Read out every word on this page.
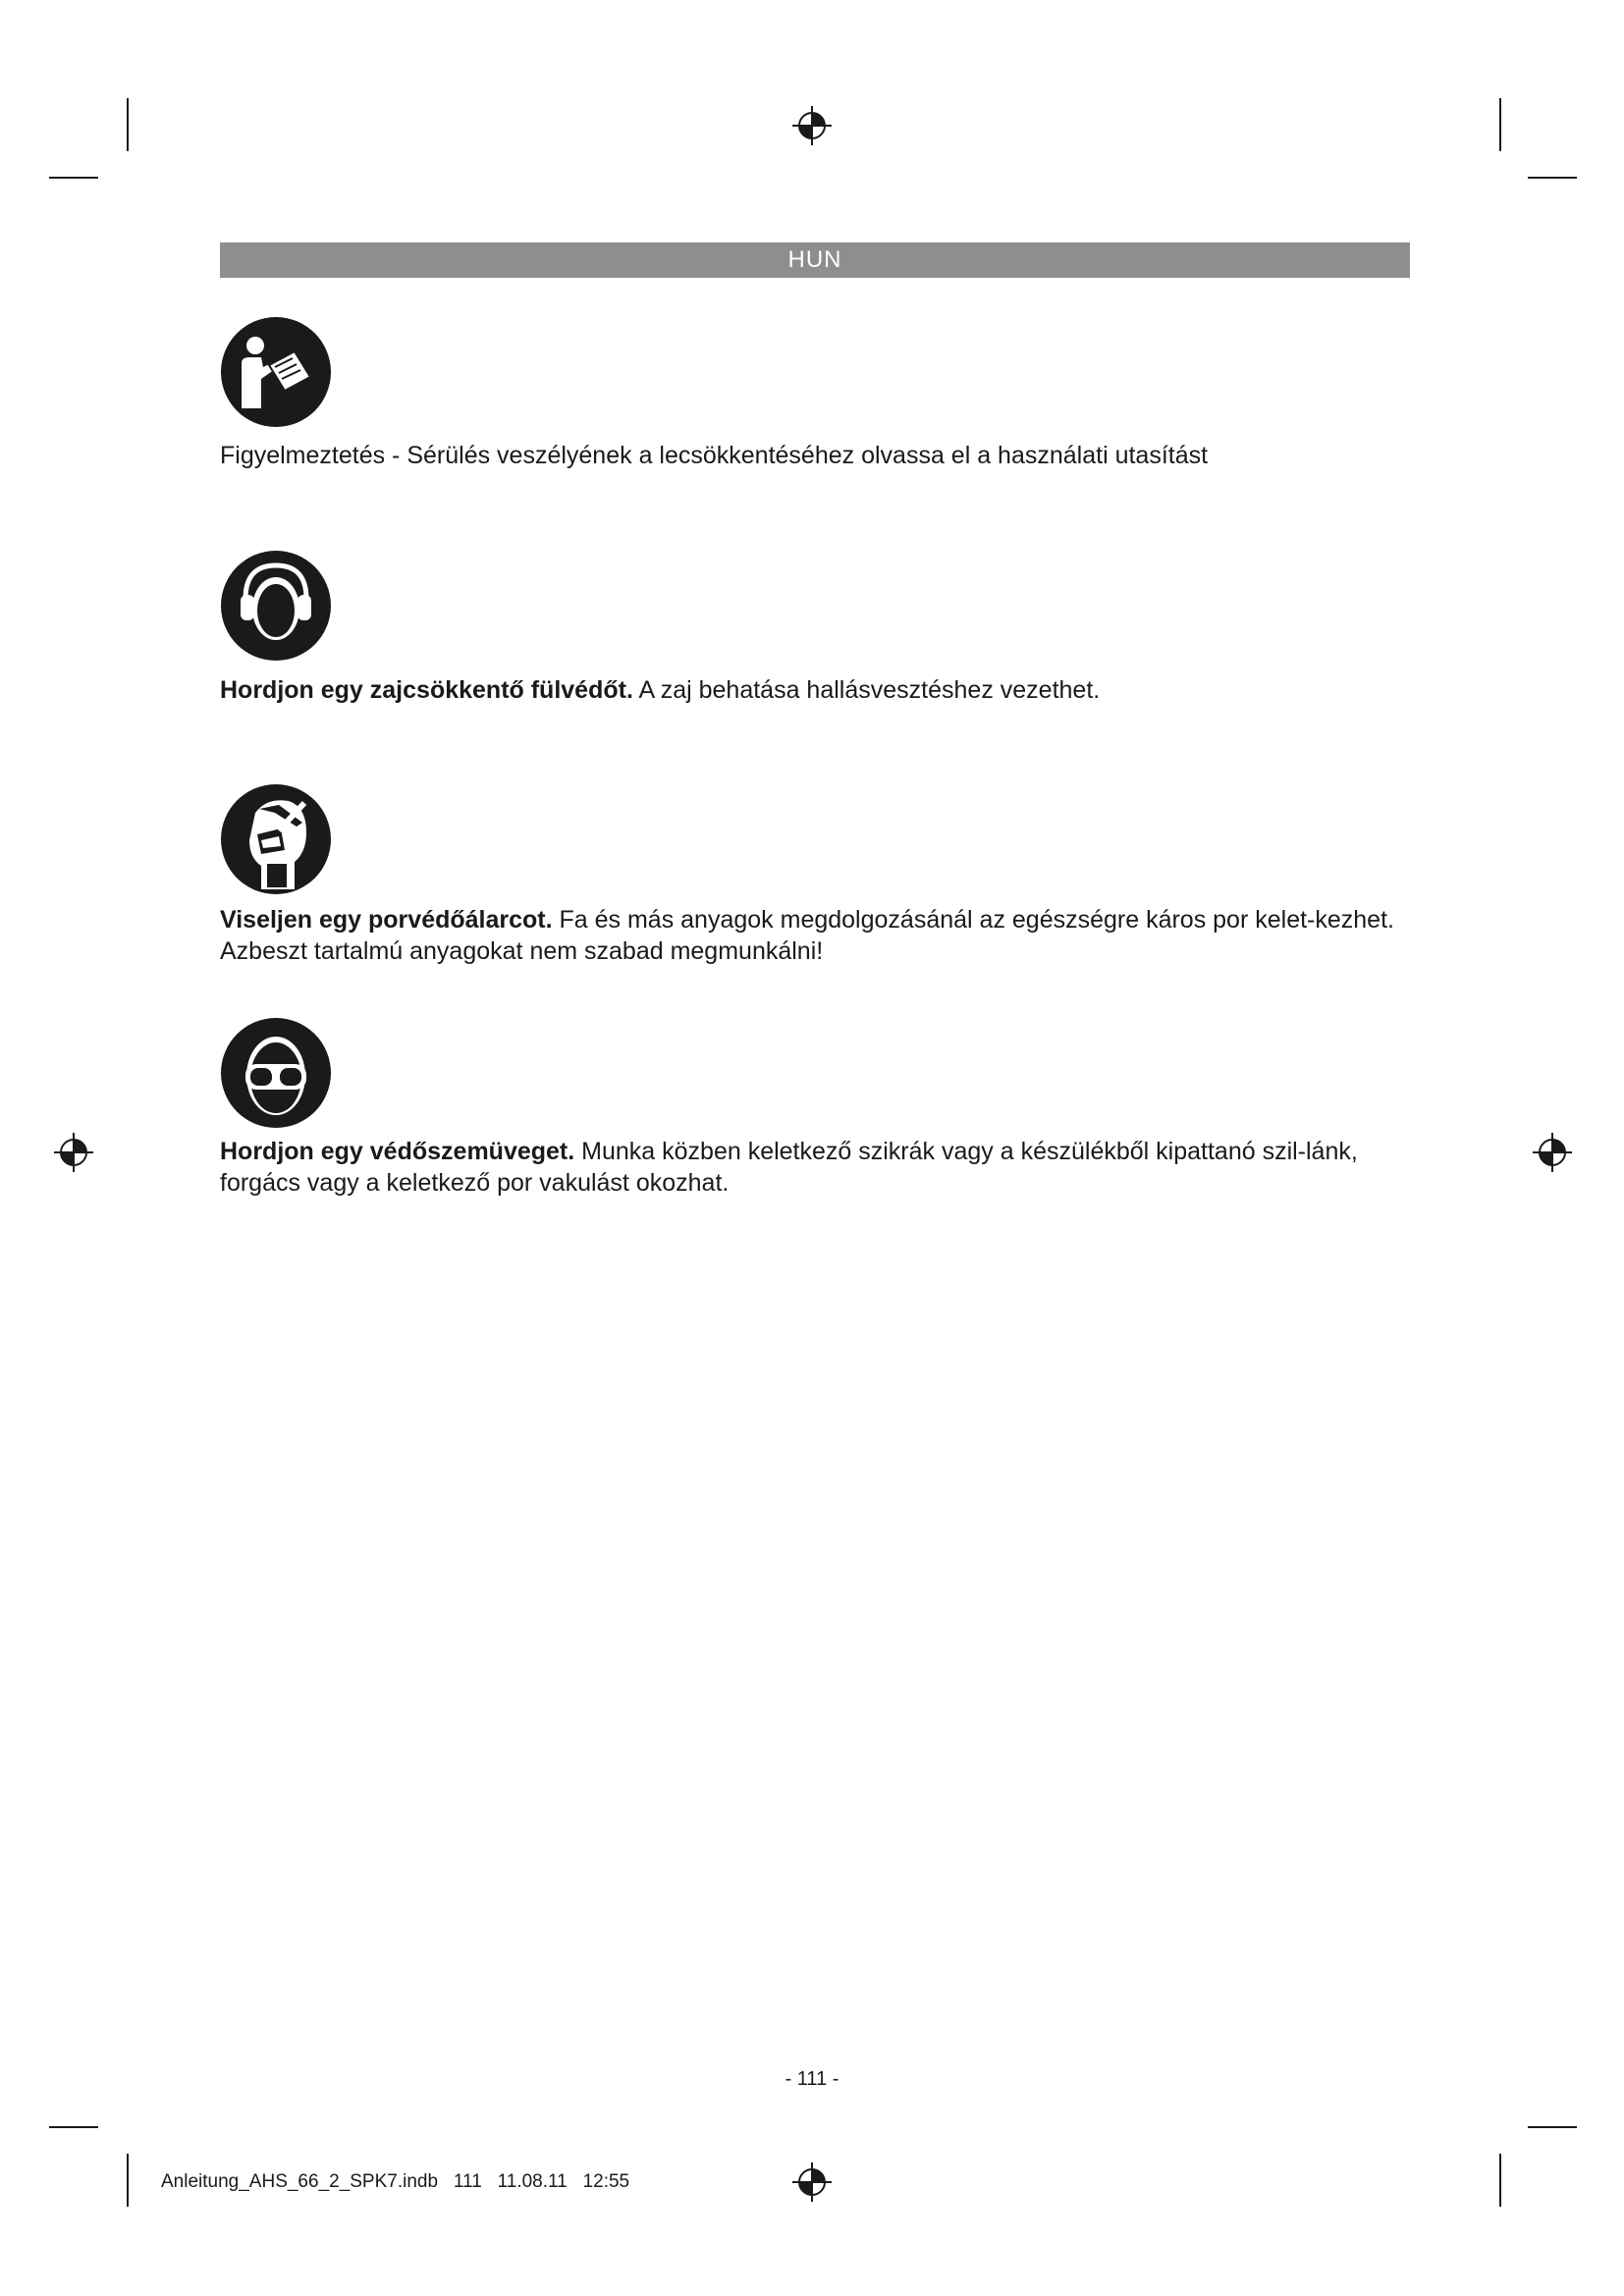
HUN

Figyelmeztetés - Sérülés veszélyének a lecsökkentéséhez olvassa el a használati utasítást

Hordjon egy zajcsökkentő fülvédőt. A zaj behatása hallásvesztéshez vezethet.

Viseljen egy porvédőálarcot. Fa és más anyagok megdolgozásánál az egészségre káros por kelet-kezhet. Azbeszt tartalmú anyagokat nem szabad megmunkálni!

Hordjon egy védőszemüveget. Munka közben keletkező szikrák vagy a készülékből kipattanó szil-lánk, forgács vagy a keletkező por vakulást okozhat.

- 111 -
Anleitung_AHS_66_2_SPK7.indb   111   11.08.11   12:55
